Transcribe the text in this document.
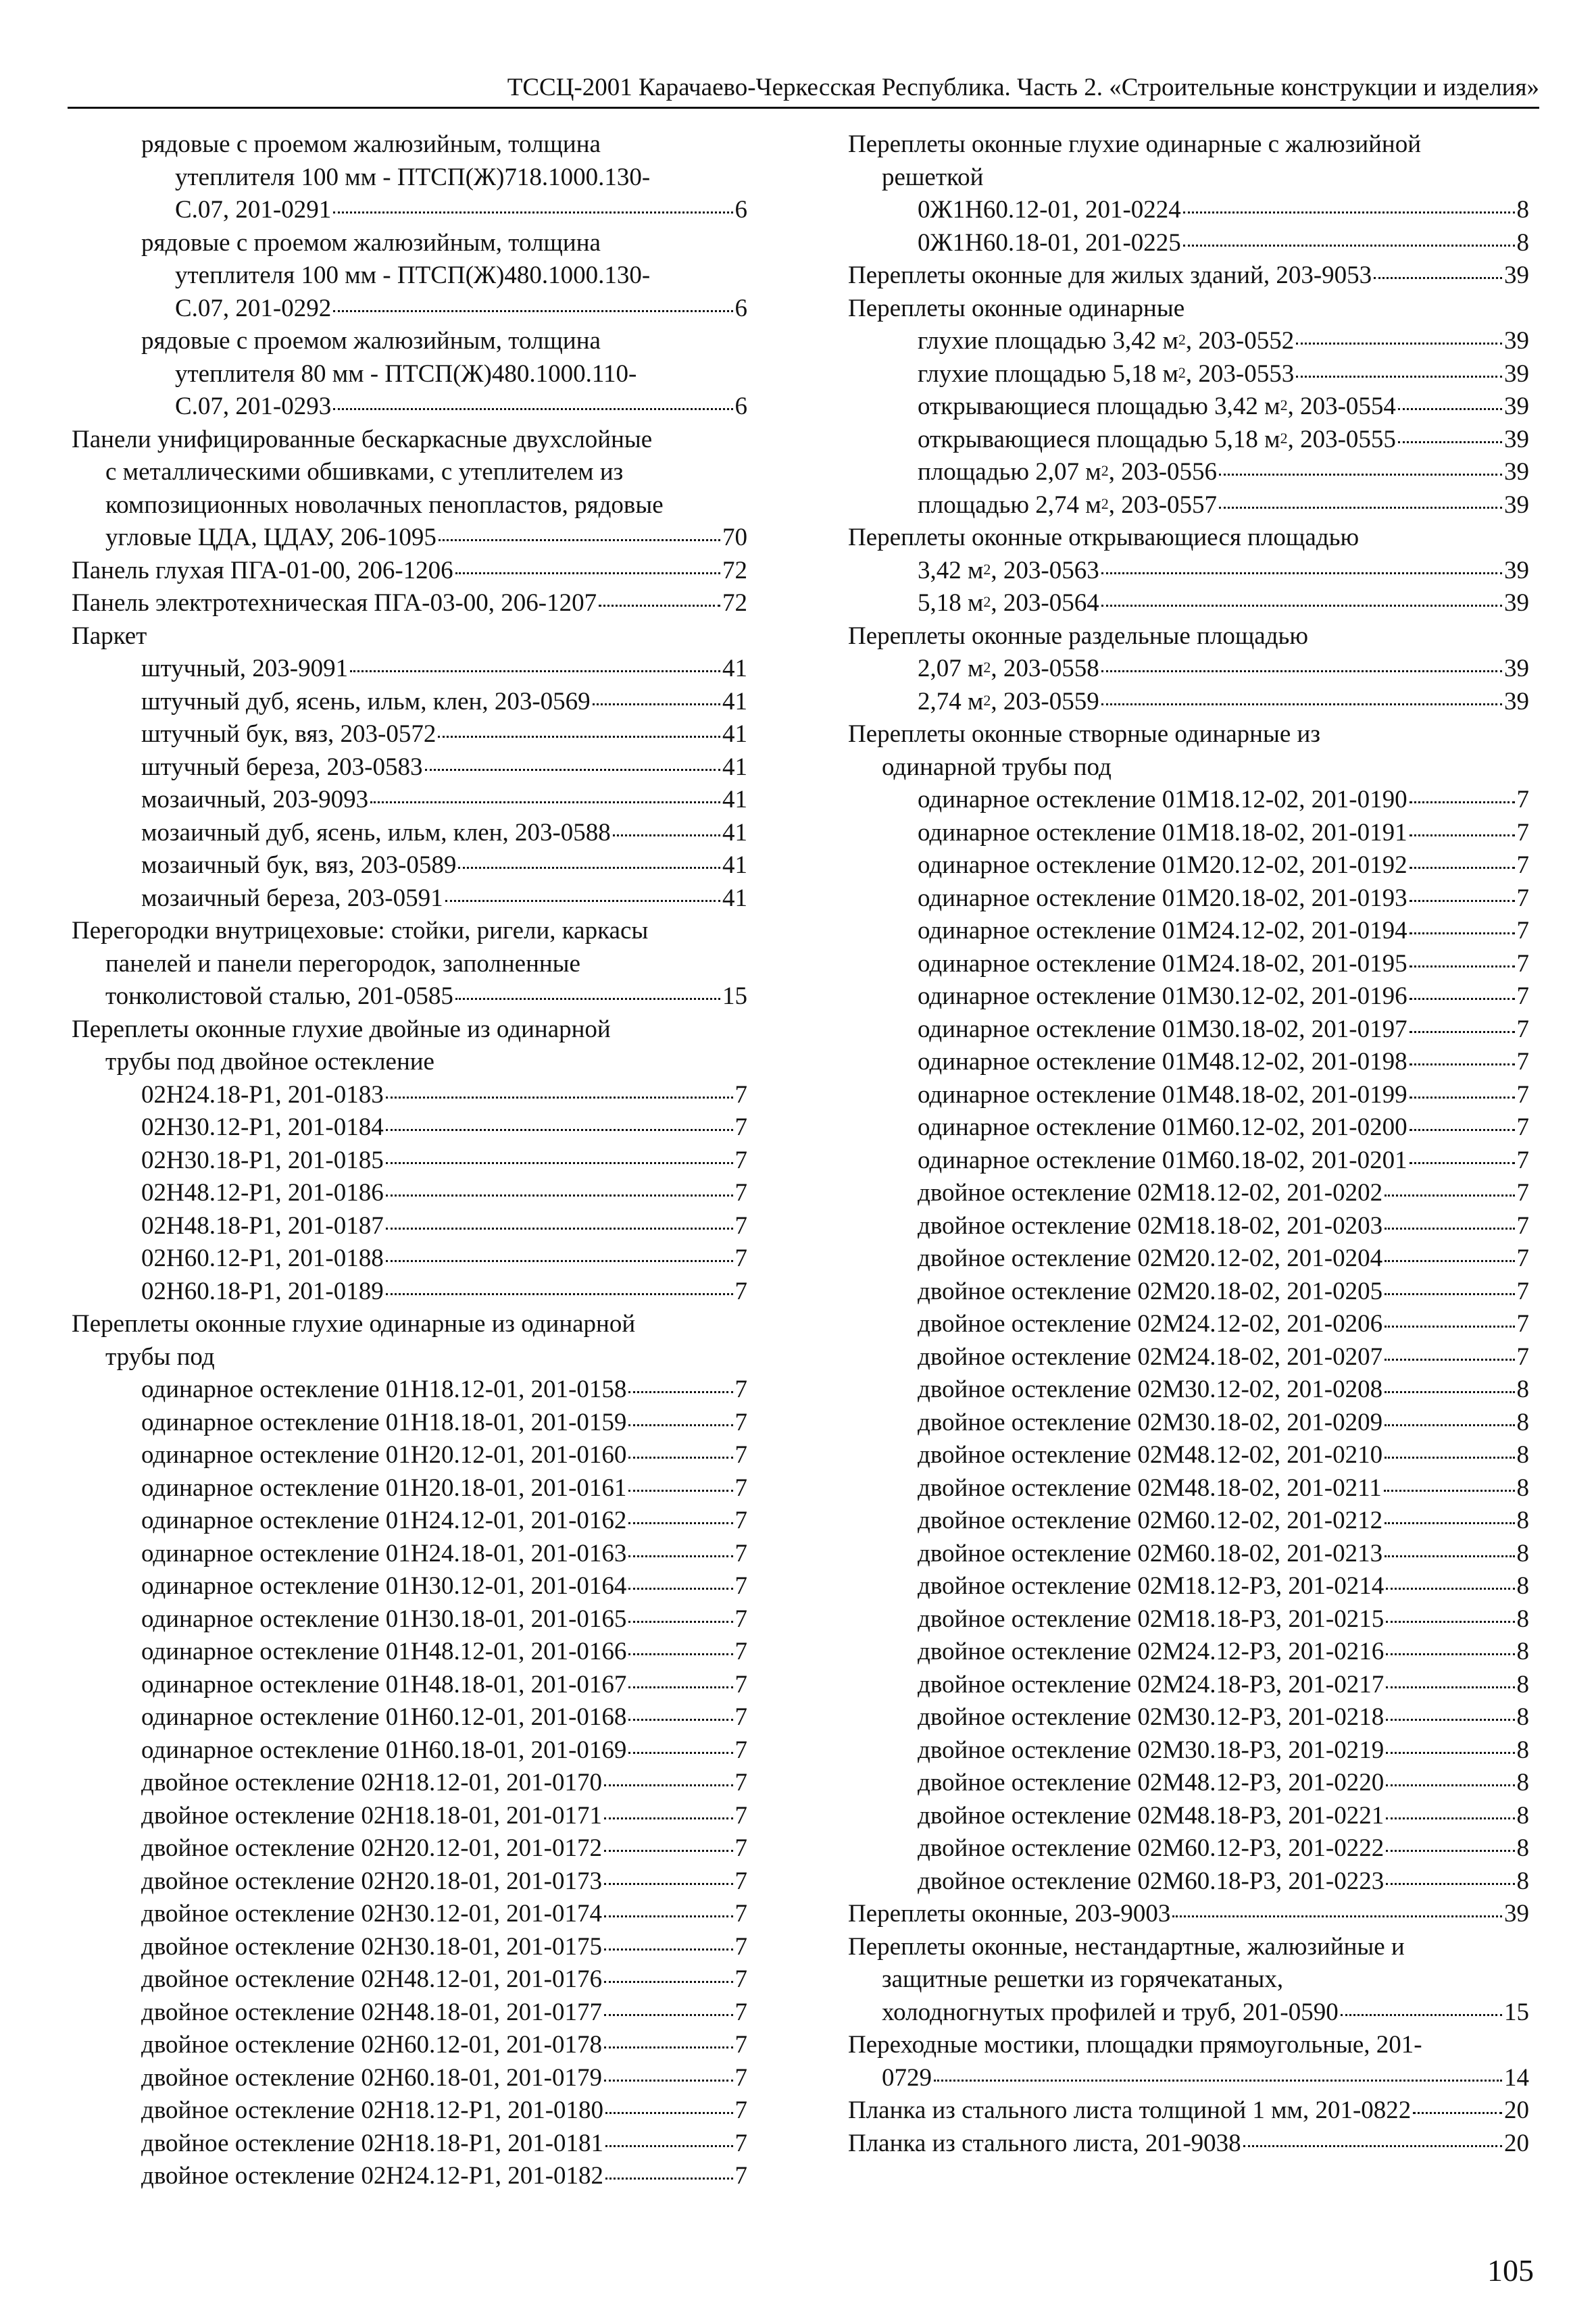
ТССЦ-2001 Карачаево-Черкесская Республика. Часть 2. «Строительные конструкции и изделия»
рядовые с проемом жалюзийным, толщина
утеплителя 100 мм - ПТСП(Ж)718.1000.130-
С.07, 201-0291	6
рядовые с проемом жалюзийным, толщина
утеплителя 100 мм - ПТСП(Ж)480.1000.130-
С.07, 201-0292	6
рядовые с проемом жалюзийным, толщина
утеплителя 80 мм - ПТСП(Ж)480.1000.110-
С.07, 201-0293	6
Панели унифицированные бескаркасные двухслойные
с металлическими обшивками, с утеплителем из
композиционных новолачных пенопластов, рядовые
угловые ЦДА, ЦДАУ, 206-1095	70
Панель глухая ПГА-01-00, 206-1206	72
Панель электротехническая ПГА-03-00, 206-1207	72
Паркет
штучный, 203-9091	41
штучный дуб, ясень, ильм, клен, 203-0569	41
штучный бук, вяз, 203-0572	41
штучный береза, 203-0583	41
мозаичный, 203-9093	41
мозаичный дуб, ясень, ильм, клен, 203-0588	41
мозаичный бук, вяз, 203-0589	41
мозаичный береза, 203-0591	41
Перегородки внутрицеховые: стойки, ригели, каркасы
панелей и панели перегородок, заполненные
тонколистовой сталью, 201-0585	15
Переплеты оконные глухие двойные из одинарной
трубы под двойное остекление
02Н24.18-Р1, 201-0183	7
02Н30.12-Р1, 201-0184	7
02Н30.18-Р1, 201-0185	7
02Н48.12-Р1, 201-0186	7
02Н48.18-Р1, 201-0187	7
02Н60.12-Р1, 201-0188	7
02Н60.18-Р1, 201-0189	7
Переплеты оконные глухие одинарные из одинарной
трубы под
одинарное остекление 01Н18.12-01, 201-0158	7
одинарное остекление 01Н18.18-01, 201-0159	7
одинарное остекление 01Н20.12-01, 201-0160	7
одинарное остекление 01Н20.18-01, 201-0161	7
одинарное остекление 01Н24.12-01, 201-0162	7
одинарное остекление 01Н24.18-01, 201-0163	7
одинарное остекление 01Н30.12-01, 201-0164	7
одинарное остекление 01Н30.18-01, 201-0165	7
одинарное остекление 01Н48.12-01, 201-0166	7
одинарное остекление 01Н48.18-01, 201-0167	7
одинарное остекление 01Н60.12-01, 201-0168	7
одинарное остекление 01Н60.18-01, 201-0169	7
двойное остекление 02Н18.12-01, 201-0170	7
двойное остекление 02Н18.18-01, 201-0171	7
двойное остекление 02Н20.12-01, 201-0172	7
двойное остекление 02Н20.18-01, 201-0173	7
двойное остекление 02Н30.12-01, 201-0174	7
двойное остекление 02Н30.18-01, 201-0175	7
двойное остекление 02Н48.12-01, 201-0176	7
двойное остекление 02Н48.18-01, 201-0177	7
двойное остекление 02Н60.12-01, 201-0178	7
двойное остекление 02Н60.18-01, 201-0179	7
двойное остекление 02Н18.12-Р1, 201-0180	7
двойное остекление 02Н18.18-Р1, 201-0181	7
двойное остекление 02Н24.12-Р1, 201-0182	7
Переплеты оконные глухие одинарные с жалюзийной
решеткой
0Ж1Н60.12-01, 201-0224	8
0Ж1Н60.18-01, 201-0225	8
Переплеты оконные для жилых зданий, 203-9053	39
Переплеты оконные одинарные
глухие площадью 3,42 $м^2$, 203-0552	39
глухие площадью 5,18 $м^2$, 203-0553	39
открывающиеся площадью 3,42 $м^2$, 203-0554	39
открывающиеся площадью 5,18 $м^2$, 203-0555	39
площадью 2,07 $м^2$, 203-0556	39
площадью 2,74 $м^2$, 203-0557	39
Переплеты оконные открывающиеся площадью
3,42 $м^2$, 203-0563	39
5,18 $м^2$, 203-0564	39
Переплеты оконные раздельные площадью
2,07 $м^2$, 203-0558	39
2,74 $м^2$, 203-0559	39
Переплеты оконные створные одинарные из
одинарной трубы под
одинарное остекление 01М18.12-02, 201-0190	7
одинарное остекление 01М18.18-02, 201-0191	7
одинарное остекление 01М20.12-02, 201-0192	7
одинарное остекление 01М20.18-02, 201-0193	7
одинарное остекление 01М24.12-02, 201-0194	7
одинарное остекление 01М24.18-02, 201-0195	7
одинарное остекление 01М30.12-02, 201-0196	7
одинарное остекление 01М30.18-02, 201-0197	7
одинарное остекление 01М48.12-02, 201-0198	7
одинарное остекление 01М48.18-02, 201-0199	7
одинарное остекление 01М60.12-02, 201-0200	7
одинарное остекление 01М60.18-02, 201-0201	7
двойное остекление 02М18.12-02, 201-0202	7
двойное остекление 02М18.18-02, 201-0203	7
двойное остекление 02М20.12-02, 201-0204	7
двойное остекление 02М20.18-02, 201-0205	7
двойное остекление 02М24.12-02, 201-0206	7
двойное остекление 02М24.18-02, 201-0207	7
двойное остекление 02М30.12-02, 201-0208	8
двойное остекление 02М30.18-02, 201-0209	8
двойное остекление 02М48.12-02, 201-0210	8
двойное остекление 02М48.18-02, 201-0211	8
двойное остекление 02М60.12-02, 201-0212	8
двойное остекление 02М60.18-02, 201-0213	8
двойное остекление 02М18.12-Р3, 201-0214	8
двойное остекление 02М18.18-Р3, 201-0215	8
двойное остекление 02М24.12-Р3, 201-0216	8
двойное остекление 02М24.18-Р3, 201-0217	8
двойное остекление 02М30.12-Р3, 201-0218	8
двойное остекление 02М30.18-Р3, 201-0219	8
двойное остекление 02М48.12-Р3, 201-0220	8
двойное остекление 02М48.18-Р3, 201-0221	8
двойное остекление 02М60.12-Р3, 201-0222	8
двойное остекление 02М60.18-Р3, 201-0223	8
Переплеты оконные, 203-9003	39
Переплеты оконные, нестандартные, жалюзийные и
защитные решетки из горячекатаных,
холодногнутых профилей и труб, 201-0590	15
Переходные мостики, площадки прямоугольные, 201-
0729	14
Планка из стального листа толщиной 1 мм, 201-0822	20
Планка из стального листа, 201-9038	20
105
